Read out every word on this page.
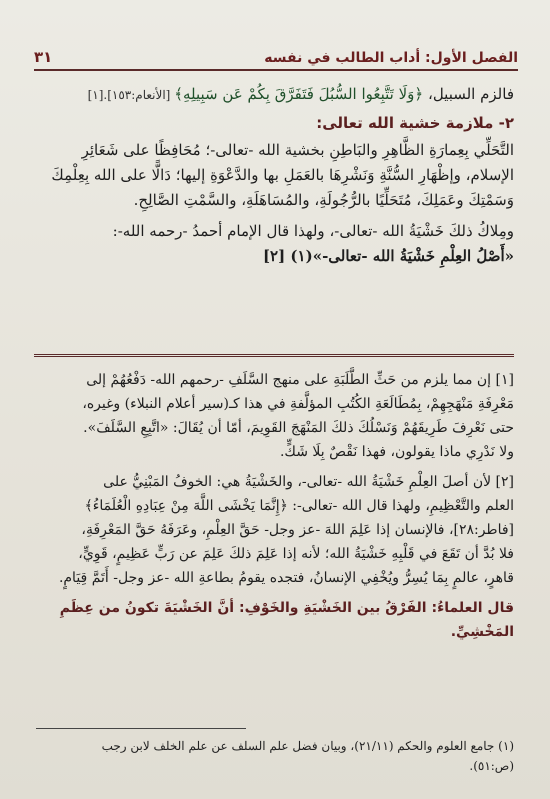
الفصل الأول: أداب الطالب في نفسه
٣١
فالزم السبيل، ﴿وَلَا تَتَّبِعُوا السُّبُلَ فَتَفَرَّقَ بِكُمْ عَن سَبِيلِهِ﴾ [الأنعام:١٥٣].[١]
٢- ملازمة خشية الله تعالى:
التَّحَلِّي بِعِمارَةِ الظَّاهِرِ والبَاطِنِ بخشية الله -تعالى-؛ مُحَافِظًا على شَعَائِرِ
الإسلام، وإظْهَارِ السُّنَّةِ وَنَشْرِهَا بالعَمَلِ بها والدَّعْوَةِ إليها؛ دَالًّا على الله بِعِلْمِكَ
وَسَمْتِكَ وعَمَلِكَ، مُتَحَلِّيًا بالرُّجُولَةِ، والمُسَاهَلَةِ، والسَّمْتِ الصَّالِحِ.
ومِلاكُ ذلكَ خَشْيَةُ الله -تعالى-، ولهذا قال الإمام أحمدُ -رحمه الله-:
«أَصْلُ العِلْمِ خَشْيَةُ الله -تعالى-»(١) [٢]
[١] إن مما يلزم من حَثِّ الطَّلَبَةِ على منهج السَّلَفِ -رحمهم الله- دَفْعُهُمْ إلى
مَعْرِفَةِ مَنْهَجِهِمْ، بِمُطَالَعَةِ الكُتُبِ المؤلَّفةِ في هذا كـ(سير أعلام النبلاء) وغيره،
حتى نَعْرِفَ طَرِيقَهُمْ وَنَسْلُكَ ذلكَ المَنْهَجَ القَوِيمَ، أمّا أن يُقَالَ: «اتَّبِعِ السَّلَفَ».
ولا نَدْرِي ماذا يقولون، فهذا نَقْصٌ بِلَا شَكٍّ.
[٢] لأن أصلَ العِلْمِ خَشْيَةُ الله -تعالى-، والخَشْيَةُ هي: الخوفُ المَبْنِيُّ على
العلم والتَّعْظِيمِ، ولهذا قال الله -تعالى-: ﴿إِنَّمَا يَخْشَى اللَّهَ مِنْ عِبَادِهِ الْعُلَمَاءُ﴾
[فاطر:٢٨]، فالإنسان إذا عَلِمَ اللهَ -عز وجل- حَقَّ العِلْمِ، وعَرَفَهُ حَقَّ المَعْرِفَةِ،
فلا بُدَّ أن تَقَعَ في قَلْبِهِ خَشْيَةُ الله؛ لأنه إذا عَلِمَ ذلكَ عَلِمَ عن رَبٍّ عَظِيمٍ، قَوِيٍّ،
قاهرٍ، عالمٍ بِمَا يُسِرُّ ويُخْفِي الإنسانُ، فتجده يقومُ بطاعةِ الله -عز وجل- أَتَمَّ قِيَامٍ.
قال العلماءُ: الفَرْقُ بين الخَشْيَةِ والخَوْفِ: أنَّ الخَشْيَةَ تكونُ من عِظَمِ المَخْشِيِّ.
(١) جامع العلوم والحكم (٢١/١١)، وبيان فضل علم السلف عن علم الخلف لابن رجب
(ص:٥١).
